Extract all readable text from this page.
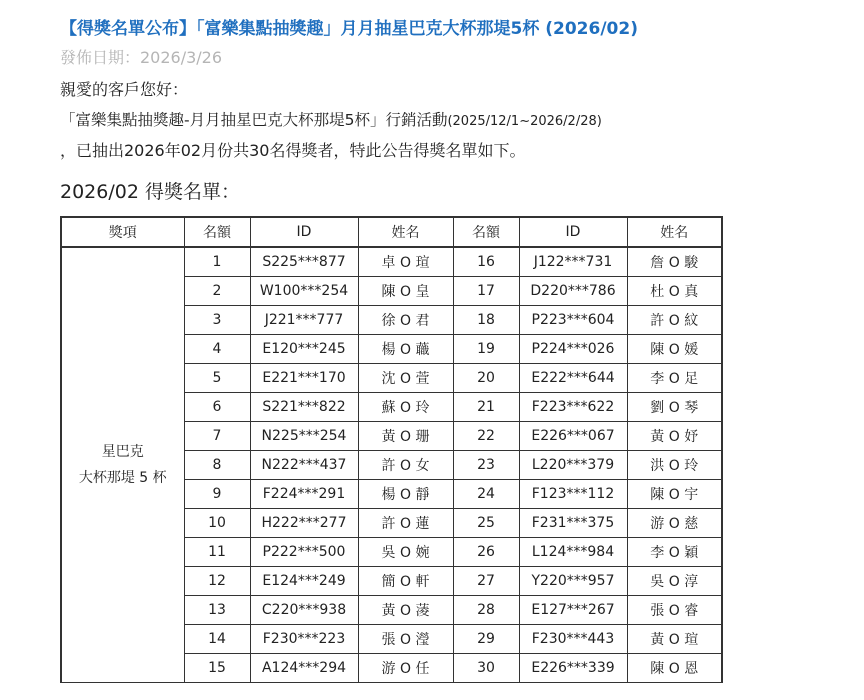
【得獎名單公布】「富樂集點抽獎趣」月月抽星巴克大杯那堤5杯 (2026/02)
發佈日期：2026/3/26
親愛的客戶您好：
「富樂集點抽獎趣-月月抽星巴克大杯那堤5杯」行銷活動(2025/12/1~2026/2/28)
，已抽出2026年02月份共30名得獎者，特此公告得獎名單如下。
2026/02 得獎名單：
獎項	名額	ID	姓名	名額	ID	姓名

星巴克
大杯那堤 5 杯	1	S225***877	卓 O 瑄	16	J122***731	詹 O 駿
	2	W100***254	陳 O 皇	17	D220***786	杜 O 真
	3	J221***777	徐 O 君	18	P223***604	許 O 紋
	4	E120***245	楊 O 蘵	19	P224***026	陳 O 媛
	5	E221***170	沈 O 萱	20	E222***644	李 O 足
	6	S221***822	蘇 O 玲	21	F223***622	劉 O 琴
	7	N225***254	黃 O 珊	22	E226***067	黃 O 妤
	8	N222***437	許 O 女	23	L220***379	洪 O 玲
	9	F224***291	楊 O 靜	24	F123***112	陳 O 宇
	10	H222***277	許 O 蓮	25	F231***375	游 O 慈
	11	P222***500	吳 O 婉	26	L124***984	李 O 穎
	12	E124***249	簡 O 軒	27	Y220***957	吳 O 淳
	13	C220***938	黃 O 蓤	28	E127***267	張 O 睿
	14	F230***223	張 O 瀅	29	F230***443	黃 O 瑄
	15	A124***294	游 O 任	30	E226***339	陳 O 恩
